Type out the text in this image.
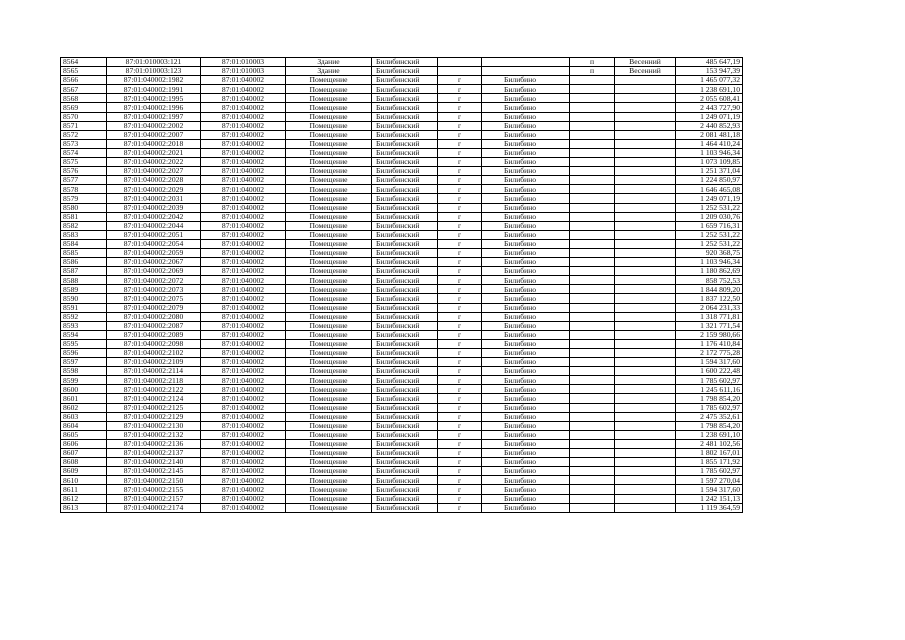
8564	87:01:010003:121	87:01:010003	Здание	Билибинский			п	Весенний	485 647,19
8565	87:01:010003:123	87:01:010003	Здание	Билибинский			п	Весенний	153 947,39
8566	87:01:040002:1982	87:01:040002	Помещение	Билибинский	г	Билибино			1 465 077,32
8567	87:01:040002:1991	87:01:040002	Помещение	Билибинский	г	Билибино			1 238 691,10
8568	87:01:040002:1995	87:01:040002	Помещение	Билибинский	г	Билибино			2 055 608,41
8569	87:01:040002:1996	87:01:040002	Помещение	Билибинский	г	Билибино			2 443 727,90
8570	87:01:040002:1997	87:01:040002	Помещение	Билибинский	г	Билибино			1 249 071,19
8571	87:01:040002:2002	87:01:040002	Помещение	Билибинский	г	Билибино			2 440 852,93
8572	87:01:040002:2007	87:01:040002	Помещение	Билибинский	г	Билибино			2 081 481,18
8573	87:01:040002:2018	87:01:040002	Помещение	Билибинский	г	Билибино			1 464 410,24
8574	87:01:040002:2021	87:01:040002	Помещение	Билибинский	г	Билибино			1 103 946,34
8575	87:01:040002:2022	87:01:040002	Помещение	Билибинский	г	Билибино			1 073 109,85
8576	87:01:040002:2027	87:01:040002	Помещение	Билибинский	г	Билибино			1 251 371,04
8577	87:01:040002:2028	87:01:040002	Помещение	Билибинский	г	Билибино			1 224 850,97
8578	87:01:040002:2029	87:01:040002	Помещение	Билибинский	г	Билибино			1 646 465,08
8579	87:01:040002:2031	87:01:040002	Помещение	Билибинский	г	Билибино			1 249 071,19
8580	87:01:040002:2039	87:01:040002	Помещение	Билибинский	г	Билибино			1 252 531,22
8581	87:01:040002:2042	87:01:040002	Помещение	Билибинский	г	Билибино			1 209 030,76
8582	87:01:040002:2044	87:01:040002	Помещение	Билибинский	г	Билибино			1 659 716,31
8583	87:01:040002:2051	87:01:040002	Помещение	Билибинский	г	Билибино			1 252 531,22
8584	87:01:040002:2054	87:01:040002	Помещение	Билибинский	г	Билибино			1 252 531,22
8585	87:01:040002:2059	87:01:040002	Помещение	Билибинский	г	Билибино			920 368,75
8586	87:01:040002:2067	87:01:040002	Помещение	Билибинский	г	Билибино			1 103 946,34
8587	87:01:040002:2069	87:01:040002	Помещение	Билибинский	г	Билибино			1 180 862,69
8588	87:01:040002:2072	87:01:040002	Помещение	Билибинский	г	Билибино			858 752,53
8589	87:01:040002:2073	87:01:040002	Помещение	Билибинский	г	Билибино			1 844 809,20
8590	87:01:040002:2075	87:01:040002	Помещение	Билибинский	г	Билибино			1 837 122,50
8591	87:01:040002:2079	87:01:040002	Помещение	Билибинский	г	Билибино			2 064 231,33
8592	87:01:040002:2080	87:01:040002	Помещение	Билибинский	г	Билибино			1 318 771,81
8593	87:01:040002:2087	87:01:040002	Помещение	Билибинский	г	Билибино			1 321 771,54
8594	87:01:040002:2089	87:01:040002	Помещение	Билибинский	г	Билибино			2 159 980,66
8595	87:01:040002:2098	87:01:040002	Помещение	Билибинский	г	Билибино			1 176 410,84
8596	87:01:040002:2102	87:01:040002	Помещение	Билибинский	г	Билибино			2 172 775,28
8597	87:01:040002:2109	87:01:040002	Помещение	Билибинский	г	Билибино			1 594 317,60
8598	87:01:040002:2114	87:01:040002	Помещение	Билибинский	г	Билибино			1 600 222,48
8599	87:01:040002:2118	87:01:040002	Помещение	Билибинский	г	Билибино			1 785 602,97
8600	87:01:040002:2122	87:01:040002	Помещение	Билибинский	г	Билибино			1 245 611,16
8601	87:01:040002:2124	87:01:040002	Помещение	Билибинский	г	Билибино			1 798 854,20
8602	87:01:040002:2125	87:01:040002	Помещение	Билибинский	г	Билибино			1 785 602,97
8603	87:01:040002:2129	87:01:040002	Помещение	Билибинский	г	Билибино			2 475 352,61
8604	87:01:040002:2130	87:01:040002	Помещение	Билибинский	г	Билибино			1 798 854,20
8605	87:01:040002:2132	87:01:040002	Помещение	Билибинский	г	Билибино			1 238 691,10
8606	87:01:040002:2136	87:01:040002	Помещение	Билибинский	г	Билибино			2 481 102,56
8607	87:01:040002:2137	87:01:040002	Помещение	Билибинский	г	Билибино			1 802 167,01
8608	87:01:040002:2140	87:01:040002	Помещение	Билибинский	г	Билибино			1 855 171,92
8609	87:01:040002:2145	87:01:040002	Помещение	Билибинский	г	Билибино			1 785 602,97
8610	87:01:040002:2150	87:01:040002	Помещение	Билибинский	г	Билибино			1 597 270,04
8611	87:01:040002:2155	87:01:040002	Помещение	Билибинский	г	Билибино			1 594 317,60
8612	87:01:040002:2157	87:01:040002	Помещение	Билибинский	г	Билибино			1 242 151,13
8613	87:01:040002:2174	87:01:040002	Помещение	Билибинский	г	Билибино			1 119 364,59
